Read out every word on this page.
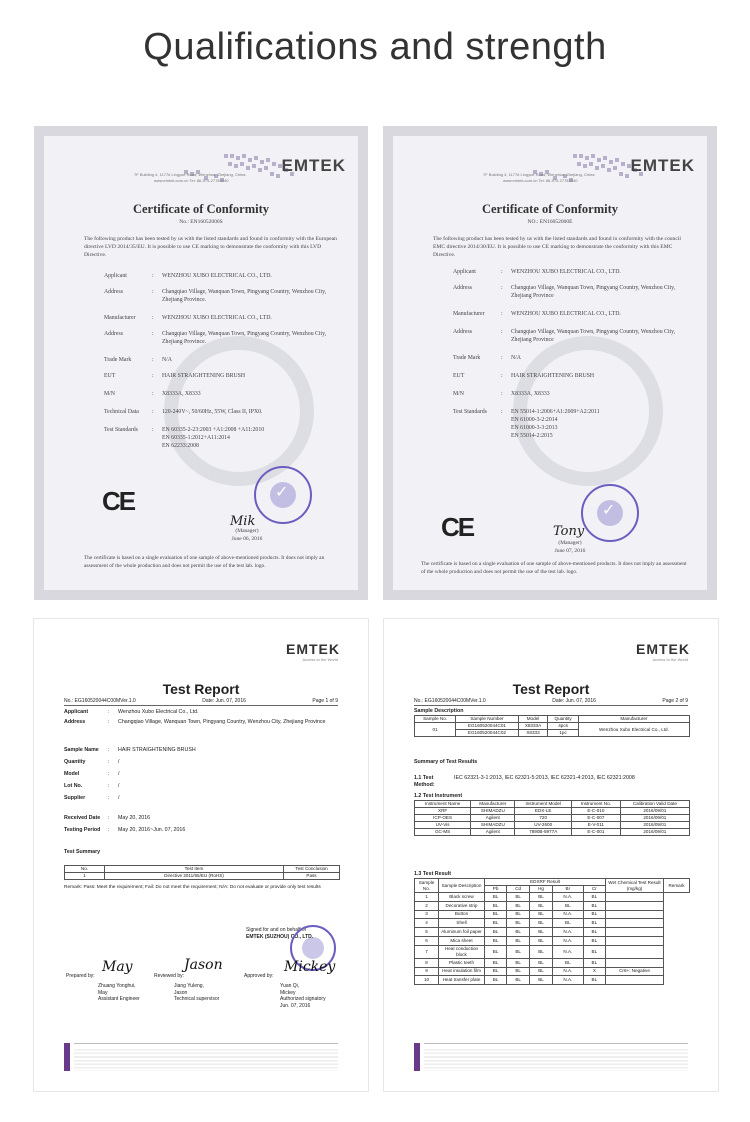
Qualifications and strength
7F Building 4, 1177# Lingyue Road, Wenzhou, Zhejiang, China
www.emtek.com.cn Tel: 86-574-27783040
EMTEK
Certificate of Conformity
No.: EN16052000S
The following product has been tested by us with the listed standards and found in conformity with the European directive LVD 2014/35/EU. It is possible to use CE marking to demonstrate the conformity with this LVD Directive.
Applicant	:	WENZHOU XUBO ELECTRICAL CO., LTD.
Address	:	Changqiao Village, Wanquan Town, Pingyang Country, Wenzhou City, Zhejiang Province.
Manufacturer	:	WENZHOU XUBO ELECTRICAL CO., LTD.
Address	:	Changqiao Village, Wanquan Town, Pingyang Country, Wenzhou City, Zhejiang Province.
Trade Mark	:	N/A
EUT	:	HAIR STRAIGHTENING BRUSH
M/N	:	X8333A, X8333
Technical Data	:	120-240V~, 50/60Hz, 55W, Class II, IPX0.
Test Standards	:	EN 60335-2-23:2003 +A1:2008 +A11:2010
EN 60335-1:2012+A11:2014
EN 62233:2008
CE	✓
Mik
(Manager)
June 06, 2016
The certificate is based on a single evaluation of one sample of above-mentioned products. It does not imply an assessment of the whole production and does not permit the use of the test lab. logo.
7F Building 4, 1177# Lingyue Road, Wenzhou, Zhejiang, China
www.emtek.com.cn Tel: 86-574-27783040
EMTEK
Certificate of Conformity
NO.: EN16052000E
The following product has been tested by us with the listed standards and found in conformity with the council EMC directive 2014/30/EU. It is possible to use CE marking to demonstrate the conformity with this EMC Directive.
Applicant	:	WENZHOU XUBO ELECTRICAL CO., LTD.
Address	:	Changqiao Village, Wanquan Town, Pingyang Country, Wenzhou City, Zhejiang Province
Manufacturer	:	WENZHOU XUBO ELECTRICAL CO., LTD.
Address	:	Changqiao Village, Wanquan Town, Pingyang Country, Wenzhou City, Zhejiang Province
Trade Mark	:	N/A
EUT	:	HAIR STRAIGHTENING BRUSH
M/N	:	X8333A, X8333
Test Standards	:	EN 55014-1:2006+A1:2009+A2:2011
EN 61000-3-2:2014
EN 61000-3-3:2013
EN 55014-2:2015
CE
✓
Tony
(Manager)
June 07, 2016
The certificate is based on a single evaluation of one sample of above-mentioned products. It does not imply an assessment of the whole production and does not permit the use of the test lab. logo.
EMTEK
Access to the World
Test Report
No.: EG160520044C00MVer.1.0	Date: Jun. 07, 2016	Page 1 of 9
Applicant	:	Wenzhou Xubo Electrical Co., Ltd.
Address	:	Changqiao Village, Wanquan Town, Pingyang Country, Wenzhou City, Zhejiang Province
Sample Name	:	HAIR STRAIGHTENING BRUSH
Quantity	:	/
Model	:	/
Lot No.	:	/
Supplier	:	/
Received Date	:	May 20, 2016
Testing Period	:	May 20, 2016~Jun. 07, 2016
Test Summary
No.	Test Item	Test Conclusion
1	Directive 2011/65/EU (RoHS)	Pass
Remark: Pass: Meet the requirement; Fail: Do not meet the requirement; N/A: Do not evaluate or provide only test results
Signed for and on behalf of
EMTEK (SUZHOU) CO., LTD.
Prepared by:
May
Zhuang Yonghui,
May
Assistant Engineer
Reviewed by:
Jason
Jiang Yuleng,
Jason
Technical supervisor
Approved by:
Mickey
Yuan Qi,
Mickey
Authorized signatory
Jun. 07, 2016
EMTEK
Access to the World
Test Report
No.: EG160520044C00MVer.1.0	Date: Jun. 07, 2016	Page 2 of 9
Sample Description
Sample No.	Sample Number	Model	Quantity	Manufacturer
01	EG160520044C01	X8333A	4pcs	Wenzhou Xubo Electrical Co., Ltd.
	EG160520044C02	X8333	1pc	
Summary of Test Results
1.1 Test Method:
IEC 62321-3-1:2013, IEC 62321-5:2013, IEC 62321-4:2013, IEC 62321:2008
1.2 Test Instrument
Instrument Name	Manufacturer	Instrument Model	Instrument No.	Calibration Valid Date
XRF	SHIMADZU	EDX-LE	E-C-010	2016/09/01
ICP-OES	Agilent	720	E-C-007	2016/09/01
UV-Vis	SHIMADZU	UV-2600	E-V-011	2016/09/01
GC-MS	Agilent	7890B-5977A	E-C-001	2016/09/01
1.3 Test Result
Sample No.	Sample Description	EDXRF Result					Wet Chemical Test Result (mg/kg)	Remark
		Pb	Cd	Hg	Br	Cr		
1	Black screw	BL	BL	BL	N.A.	BL		
2	Decorative strip	BL	BL	BL	BL	BL		
3	Button	BL	BL	BL	N.A.	BL		
4	Shell	BL	BL	BL	BL	BL		
5	Aluminum foil paper	BL	BL	BL	N.A.	BL		
6	Mica sheet	BL	BL	BL	N.A.	BL		
7	Heat conduction block	BL	BL	BL	N.A.	BL		
8	Plastic teeth	BL	BL	BL	BL	BL		
9	Heat insulation film	BL	BL	BL	N.A.	X	Cr6+: Negative	
10	Heat transfer plate	BL	BL	BL	N.A.	BL		
